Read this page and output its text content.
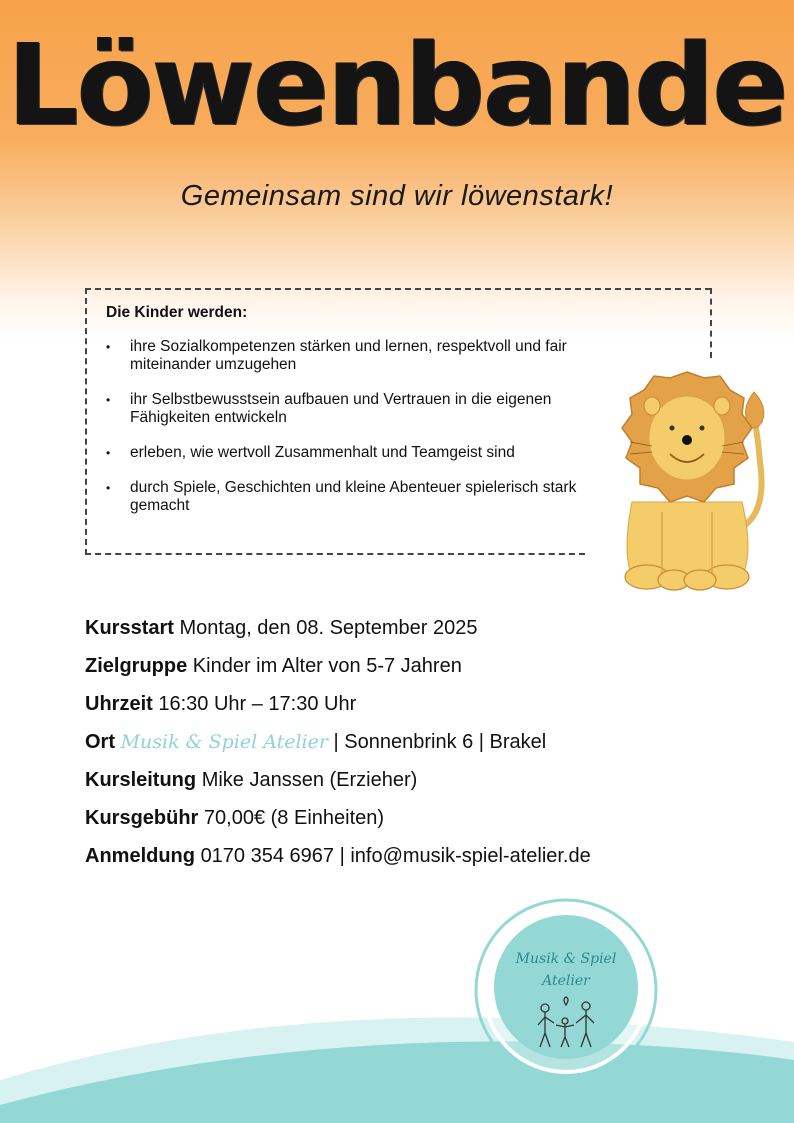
Löwenbande
Gemeinsam sind wir löwenstark!
Die Kinder werden:
• ihre Sozialkompetenzen stärken und lernen, respektvoll und fair miteinander umzugehen
• ihr Selbstbewusstsein aufbauen und Vertrauen in die eigenen Fähigkeiten entwickeln
• erleben, wie wertvoll Zusammenhalt und Teamgeist sind
• durch Spiele, Geschichten und kleine Abenteuer spielerisch stark gemacht
Kursstart Montag, den 08. September 2025
Zielgruppe Kinder im Alter von 5-7 Jahren
Uhrzeit 16:30 Uhr – 17:30 Uhr
Ort Musik & Spiel Atelier | Sonnenbrink 6 | Brakel
Kursleitung Mike Janssen (Erzieher)
Kursgebühr 70,00€ (8 Einheiten)
Anmeldung 0170 354 6967 | info@musik-spiel-atelier.de
Musik & Spiel
Atelier
